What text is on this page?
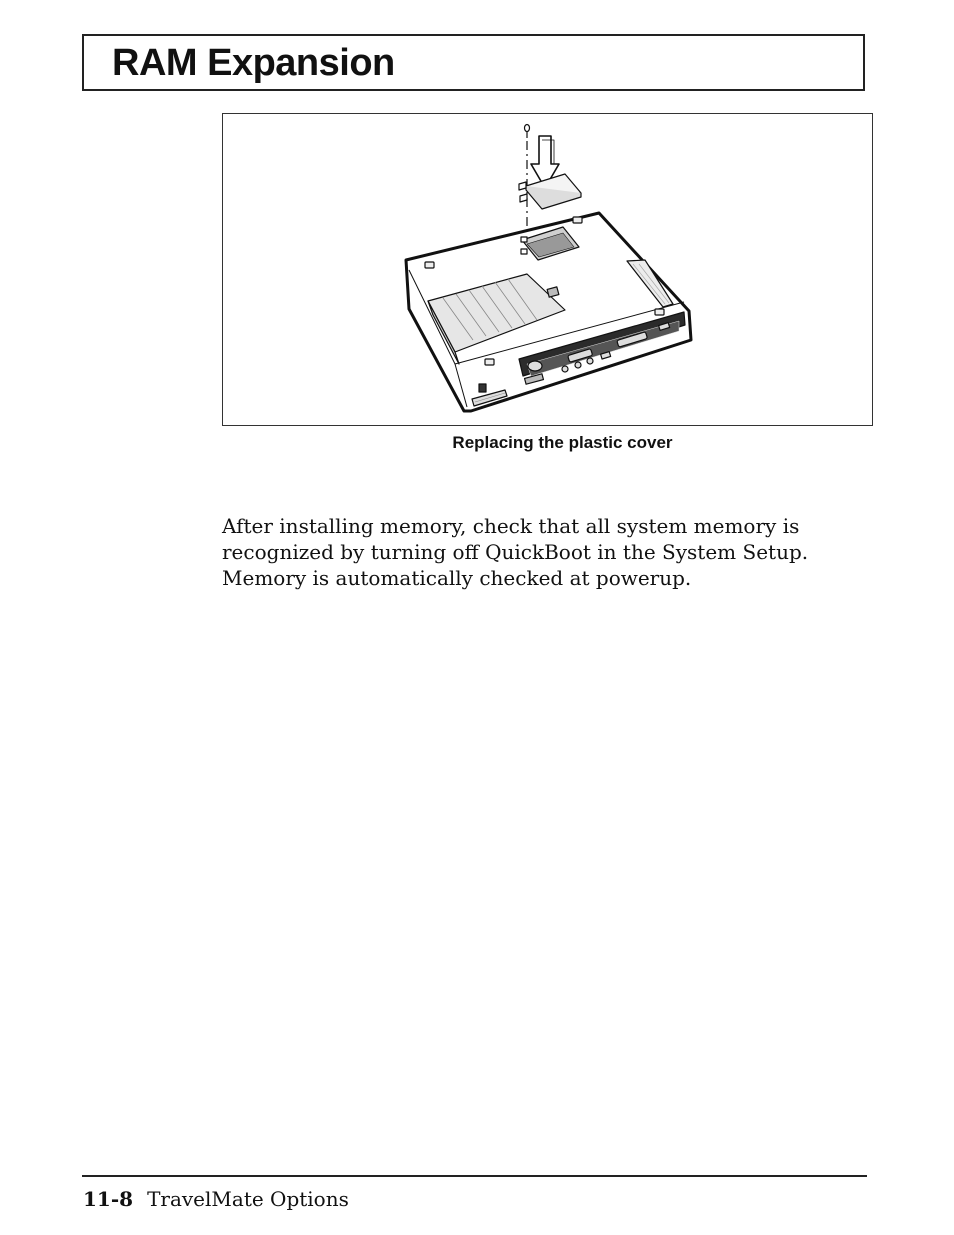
RAM Expansion
Replacing the plastic cover
After installing memory, check that all system memory is recognized by turning off QuickBoot in the System Setup. Memory is automatically checked at powerup.
11-8 TravelMate Options
